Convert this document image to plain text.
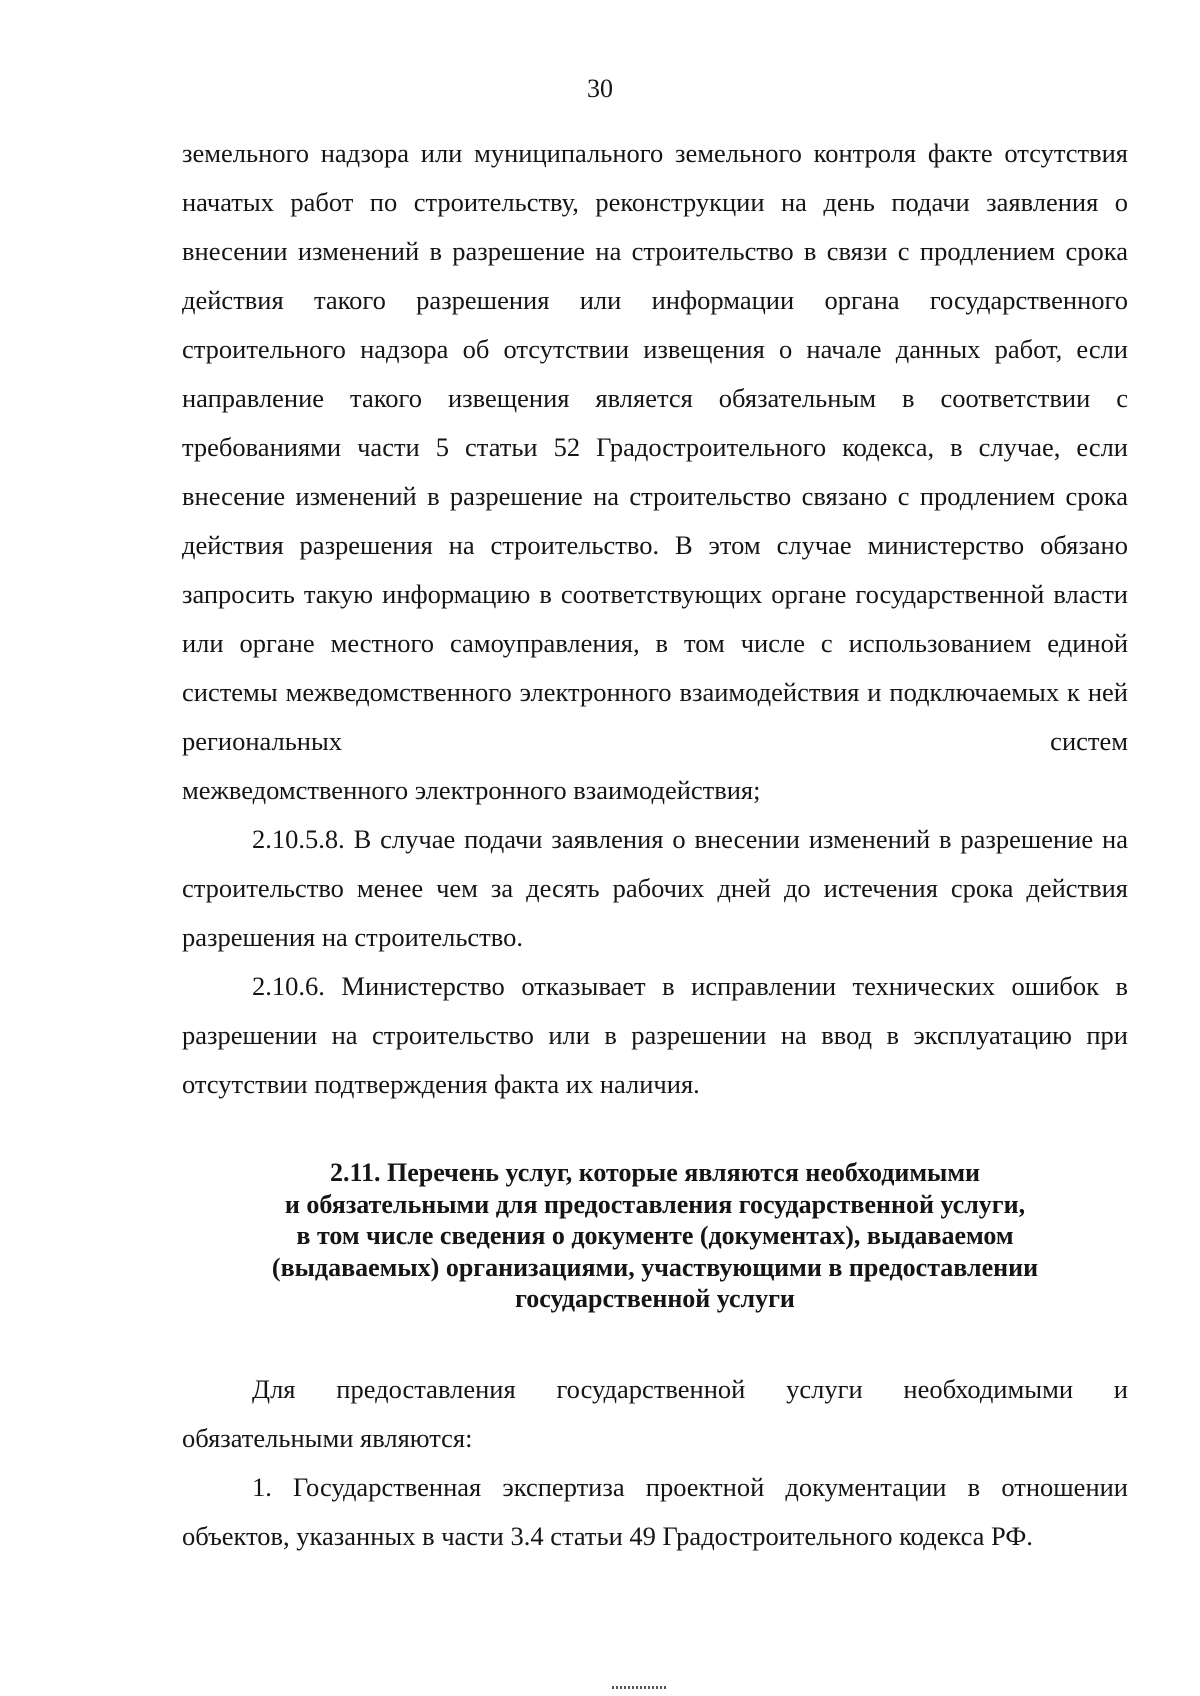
30
земельного надзора или муниципального земельного контроля факте отсутствия начатых работ по строительству, реконструкции на день подачи заявления о внесении изменений в разрешение на строительство в связи с продлением срока действия такого разрешения или информации органа государственного строительного надзора об отсутствии извещения о начале данных работ, если направление такого извещения является обязательным в соответствии с требованиями части 5 статьи 52 Градостроительного кодекса, в случае, если внесение изменений в разрешение на строительство связано с продлением срока действия разрешения на строительство. В этом случае министерство обязано запросить такую информацию в соответствующих органе государственной власти или органе местного самоуправления, в том числе с использованием единой системы межведомственного электронного взаимодействия и подключаемых к ней региональных систем
межведомственного электронного взаимодействия;
2.10.5.8. В случае подачи заявления о внесении изменений в разрешение на строительство менее чем за десять рабочих дней до истечения срока действия разрешения на строительство.
2.10.6. Министерство отказывает в исправлении технических ошибок в разрешении на строительство или в разрешении на ввод в эксплуатацию при отсутствии подтверждения факта их наличия.
2.11. Перечень услуг, которые являются необходимыми
и обязательными для предоставления государственной услуги,
в том числе сведения о документе (документах), выдаваемом
(выдаваемых) организациями, участвующими в предоставлении
государственной услуги
Для предоставления государственной услуги необходимыми и обязательными являются:
1. Государственная экспертиза проектной документации в отношении объектов, указанных в части 3.4 статьи 49 Градостроительного кодекса РФ.
